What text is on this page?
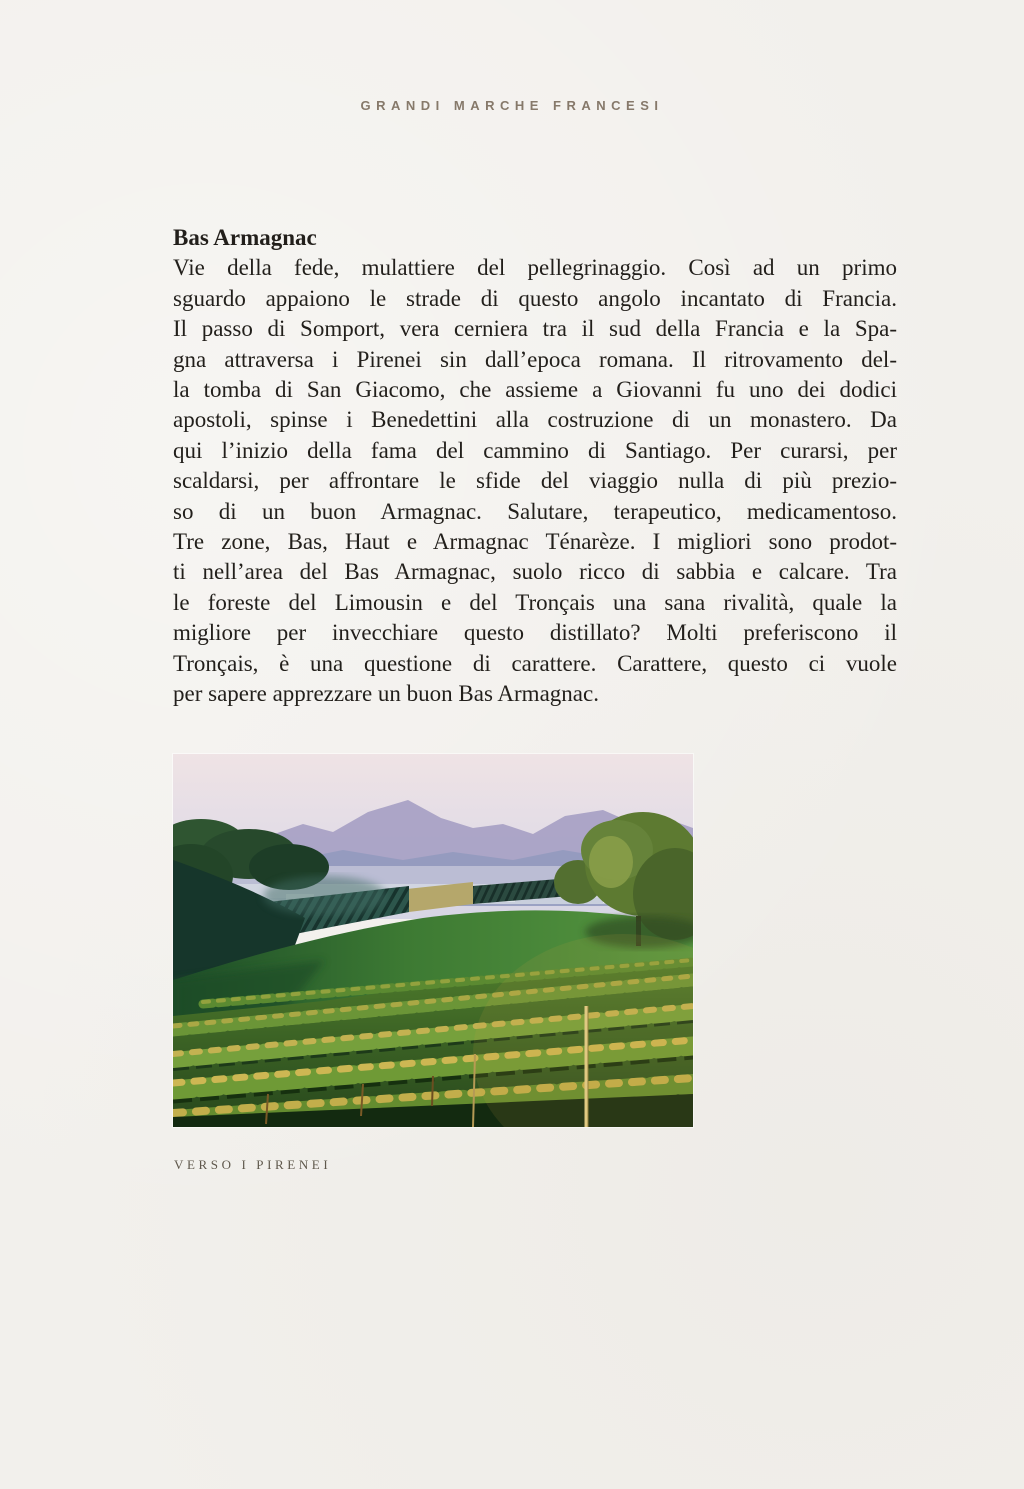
GRANDI MARCHE FRANCESI
Bas Armagnac
Vie della fede, mulattiere del pellegrinaggio. Così ad un primo
sguardo appaiono le strade di questo angolo incantato di Francia.
Il passo di Somport, vera cerniera tra il sud della Francia e la Spa-
gna attraversa i Pirenei sin dall’epoca romana. Il ritrovamento del-
la tomba di San Giacomo, che assieme a Giovanni fu uno dei dodici
apostoli, spinse i Benedettini alla costruzione di un monastero. Da
qui l’inizio della fama del cammino di Santiago. Per curarsi, per
scaldarsi, per affrontare le sfide del viaggio nulla di più prezio-
so di un buon Armagnac. Salutare, terapeutico, medicamentoso.
Tre zone, Bas, Haut e Armagnac Ténarèze. I migliori sono prodot-
ti nell’area del Bas Armagnac, suolo ricco di sabbia e calcare. Tra
le foreste del Limousin e del Tronçais una sana rivalità, quale la
migliore per invecchiare questo distillato? Molti preferiscono il
Tronçais, è una questione di carattere. Carattere, questo ci vuole
per sapere apprezzare un buon Bas Armagnac.
VERSO I PIRENEI
